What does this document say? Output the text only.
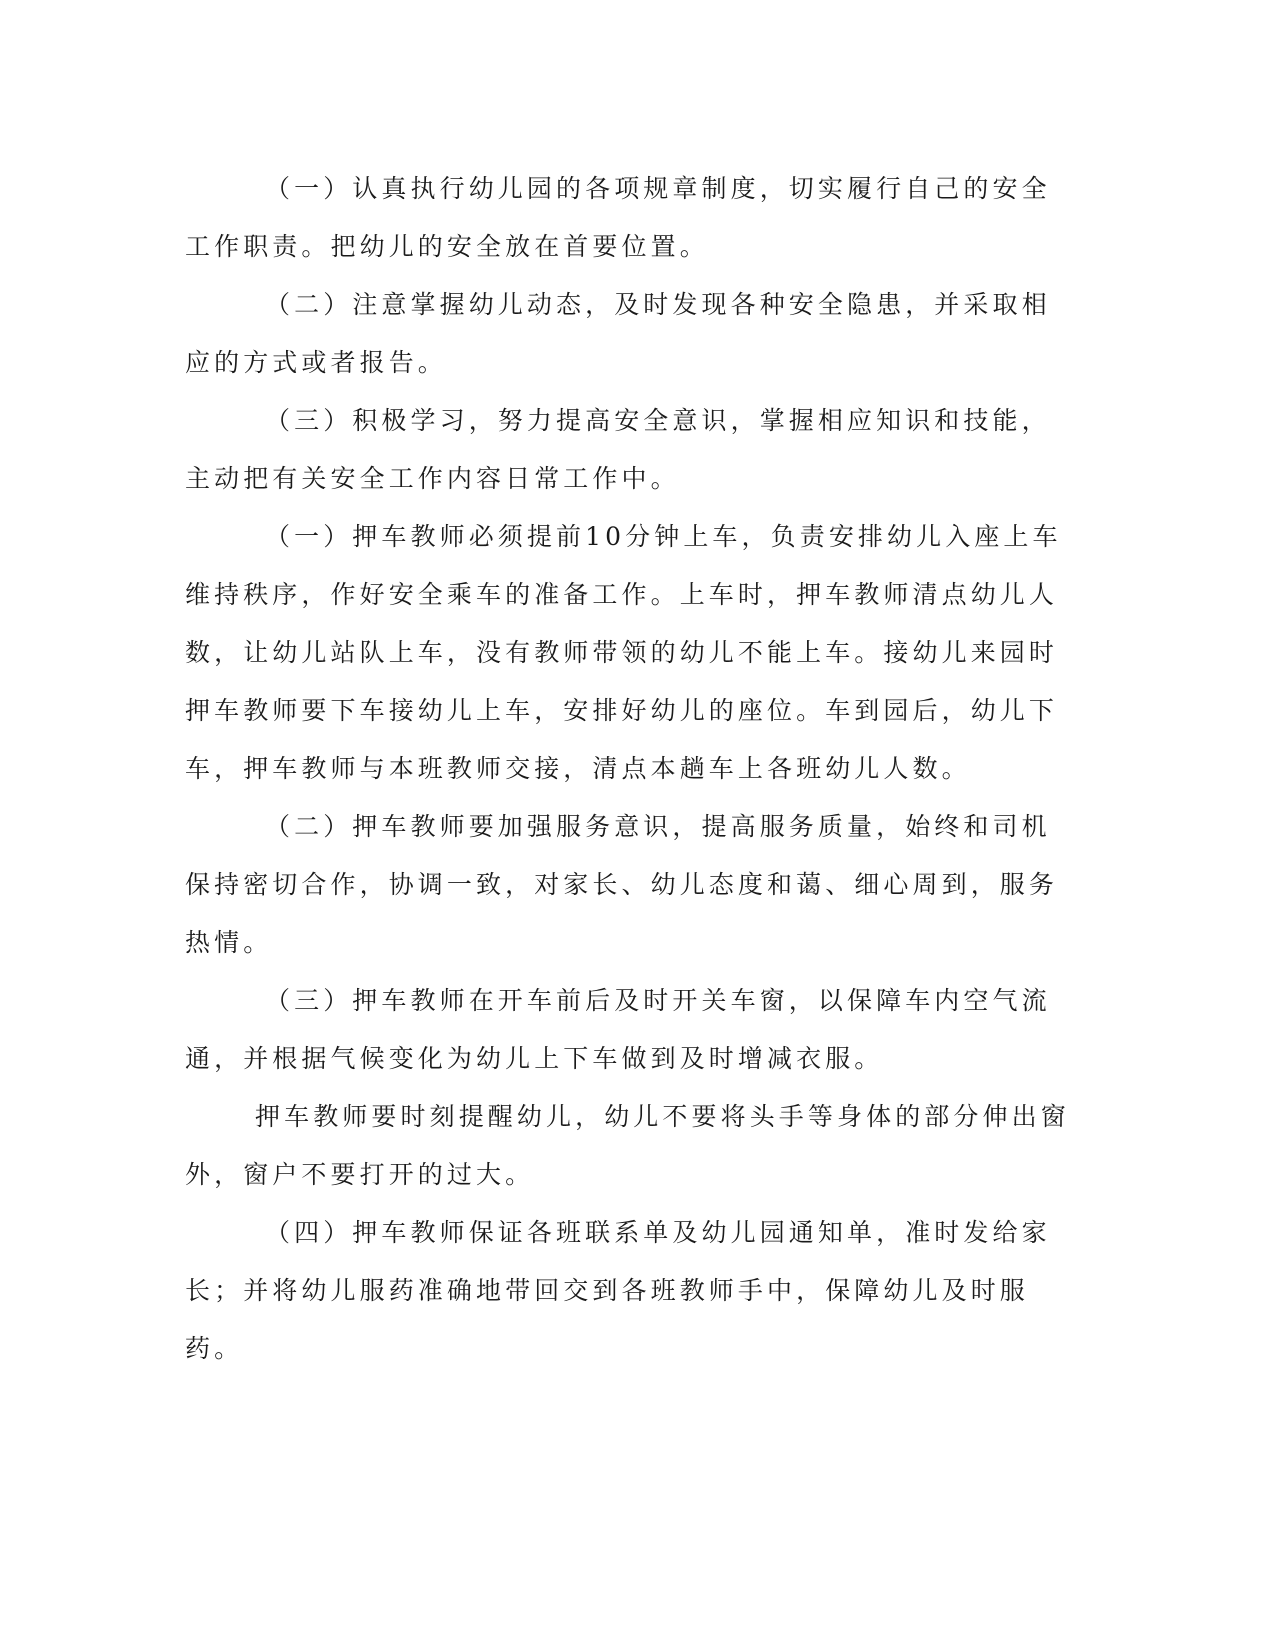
（一）认真执行幼儿园的各项规章制度，切实履行自己的安全工作职责。把幼儿的安全放在首要位置。

（二）注意掌握幼儿动态，及时发现各种安全隐患，并采取相应的方式或者报告。

（三）积极学习，努力提高安全意识，掌握相应知识和技能，主动把有关安全工作内容日常工作中。

（一）押车教师必须提前10分钟上车，负责安排幼儿入座上车维持秩序，作好安全乘车的准备工作。上车时，押车教师清点幼儿人数，让幼儿站队上车，没有教师带领的幼儿不能上车。接幼儿来园时押车教师要下车接幼儿上车，安排好幼儿的座位。车到园后，幼儿下车，押车教师与本班教师交接，清点本趟车上各班幼儿人数。

（二）押车教师要加强服务意识，提高服务质量，始终和司机保持密切合作，协调一致，对家长、幼儿态度和蔼、细心周到，服务热情。

（三）押车教师在开车前后及时开关车窗，以保障车内空气流通，并根据气候变化为幼儿上下车做到及时增减衣服。

押车教师要时刻提醒幼儿，幼儿不要将头手等身体的部分伸出窗外，窗户不要打开的过大。

（四）押车教师保证各班联系单及幼儿园通知单，准时发给家长；并将幼儿服药准确地带回交到各班教师手中，保障幼儿及时服药。
